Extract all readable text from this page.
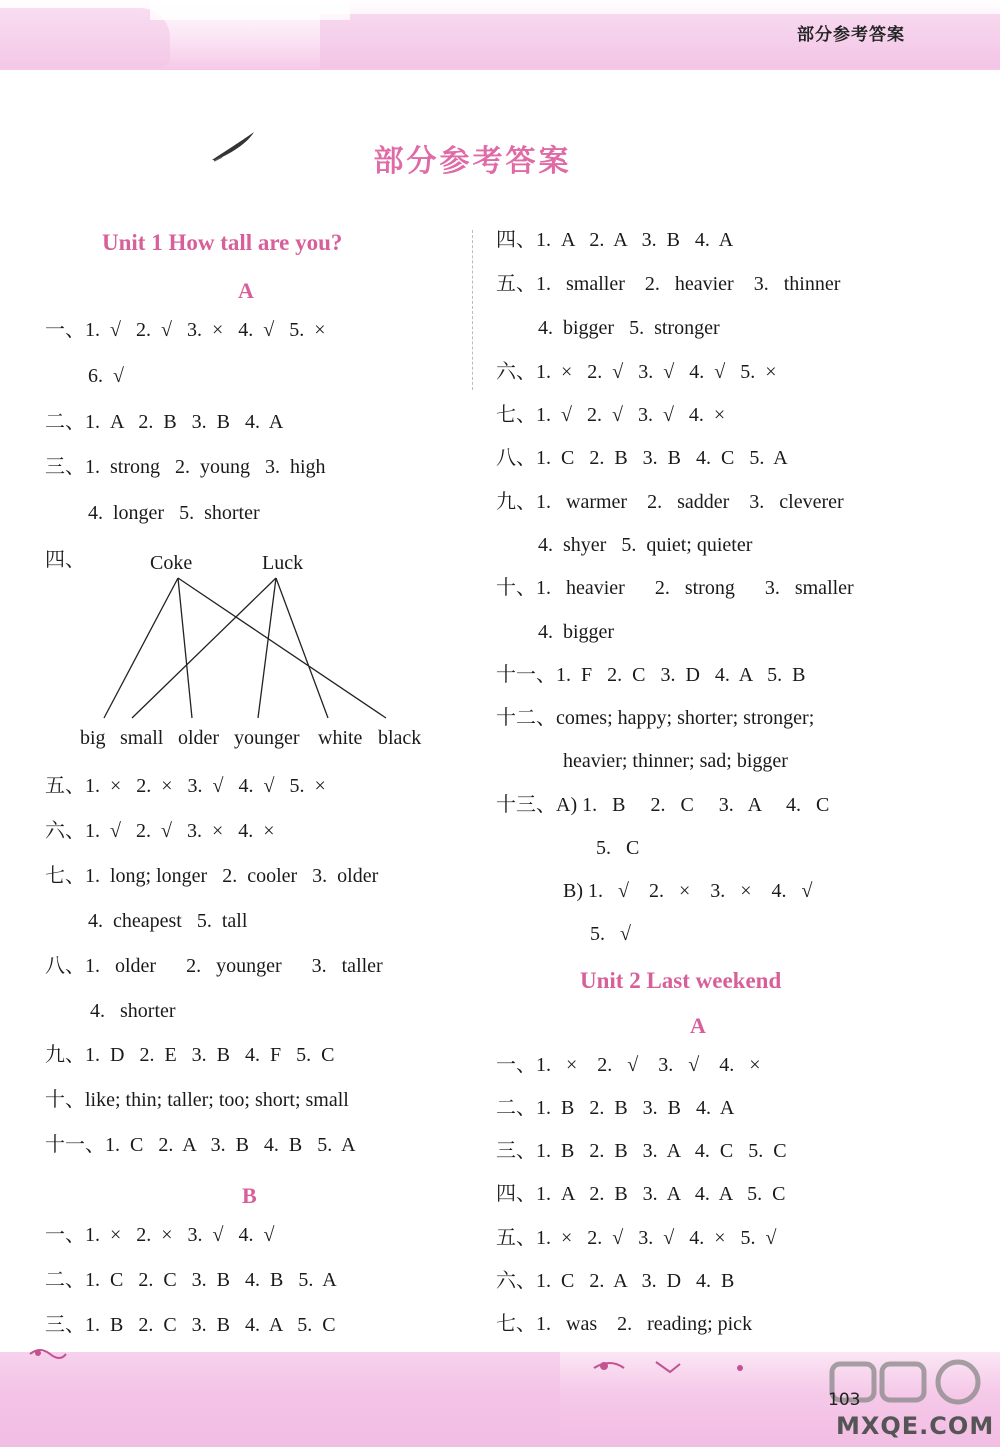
部分参考答案
部分参考答案
Unit 1 How tall are you?
A
一、1.  √   2.  √   3.  ×   4.  √   5.  ×
6.  √
二、1.  A   2.  B   3.  B   4.  A
三、1.  strong   2.  young   3.  high
4.  longer   5.  shorter
四、	Coke	Luck
big small older younger white black
五、1.  ×   2.  ×   3.  √   4.  √   5.  ×
六、1.  √   2.  √   3.  ×   4.  ×
七、1.  long; longer   2.  cooler   3.  older
4.  cheapest   5.  tall
八、1.   older      2.   younger      3.   taller
4.   shorter
九、1.  D   2.  E   3.  B   4.  F   5.  C
十、like; thin; taller; too; short; small
十一、1.  C   2.  A   3.  B   4.  B   5.  A
B
一、1.  ×   2.  ×   3.  √   4.  √
二、1.  C   2.  C   3.  B   4.  B   5.  A
三、1.  B   2.  C   3.  B   4.  A   5.  C
四、1.  A   2.  A   3.  B   4.  A
五、1.   smaller    2.   heavier    3.   thinner
4.  bigger   5.  stronger
六、1.  ×   2.  √   3.  √   4.  √   5.  ×
七、1.  √   2.  √   3.  √   4.  ×
八、1.  C   2.  B   3.  B   4.  C   5.  A
九、1.   warmer    2.   sadder    3.   cleverer
4.  shyer   5.  quiet; quieter
十、1.   heavier      2.   strong      3.   smaller
4.  bigger
十一、1.  F   2.  C   3.  D   4.  A   5.  B
十二、comes; happy; shorter; stronger;
heavier; thinner; sad; bigger
十三、A) 1.   B     2.   C     3.   A     4.   C
5.   C
B) 1.   √    2.   ×    3.   ×    4.   √
5.   √
Unit 2 Last weekend
A
一、1.   ×    2.   √    3.   √    4.   ×
二、1.  B   2.  B   3.  B   4.  A
三、1.  B   2.  B   3.  A   4.  C   5.  C
四、1.  A   2.  B   3.  A   4.  A   5.  C
五、1.  ×   2.  √   3.  √   4.  ×   5.  √
六、1.  C   2.  A   3.  D   4.  B
七、1.   was    2.   reading; pick
103
MXQE.COM
